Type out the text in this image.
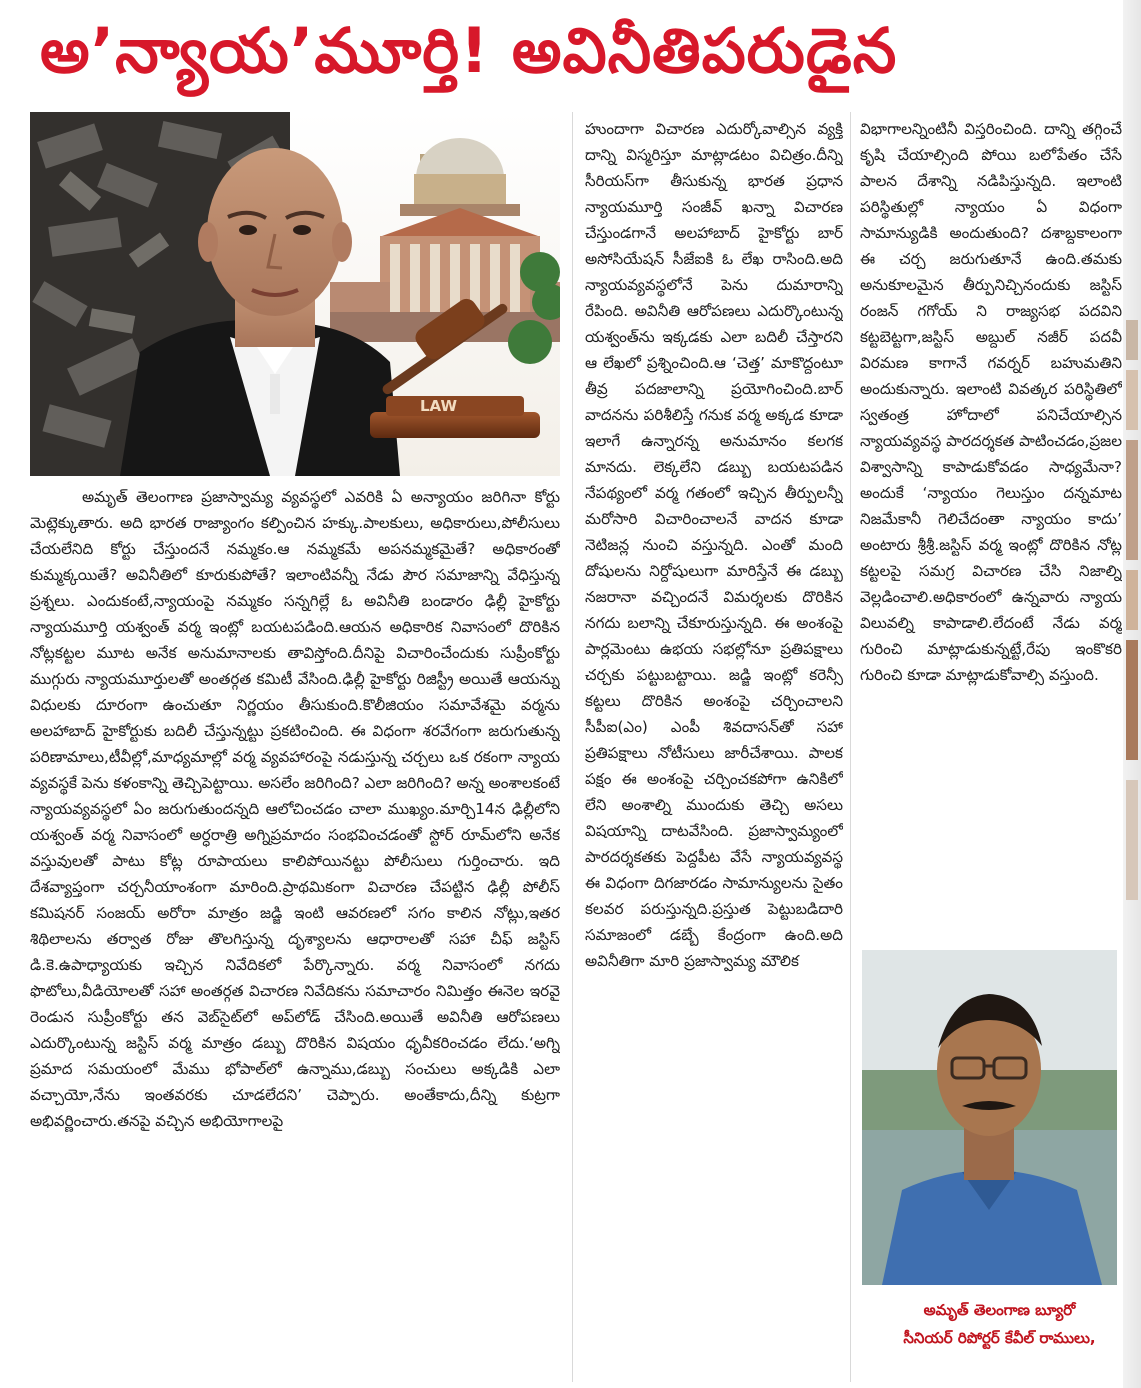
అ’న్యాయ’మూర్తి! అవినీతిపరుడైన
LAW
అమృత్ తెలంగాణ ప్రజాస్వామ్య వ్యవస్థలో ఎవరికి ఏ అన్యాయం జరిగినా కోర్టు మెట్లెక్కుతారు. అది భారత రాజ్యాంగం కల్పించిన హక్కు.పాలకులు, అధికారులు,పోలీసులు చేయలేనిది కోర్టు చేస్తుందనే నమ్మకం.ఆ నమ్మకమే అపనమ్మకమైతే? అధికారంతో కుమ్మక్కయితే? అవినీతిలో కూరుకుపోతే? ఇలాంటివన్నీ నేడు పౌర సమాజాన్ని వేధిస్తున్న ప్రశ్నలు. ఎందుకంటే,న్యాయంపై నమ్మకం సన్నగిల్లే ఓ అవినీతి బండారం ఢిల్లీ హైకోర్టు న్యాయమూర్తి యశ్వంత్ వర్మ ఇంట్లో బయటపడింది.ఆయన అధికారిక నివాసంలో దొరికిన నోట్లకట్టల మూట అనేక అనుమానాలకు తావిస్తోంది.దీనిపై విచారించేందుకు సుప్రీంకోర్టు ముగ్గురు న్యాయమూర్తులతో అంతర్గత కమిటీ వేసింది.ఢిల్లీ హైకోర్టు రిజిస్ట్రీ అయితే ఆయన్ను విధులకు దూరంగా ఉంచుతూ నిర్ణయం తీసుకుంది.కొలీజియం సమావేశమై వర్మను అలహాబాద్ హైకోర్టుకు బదిలీ చేస్తున్నట్టు ప్రకటించింది. ఈ విధంగా శరవేగంగా జరుగుతున్న పరిణామాలు,టీవీల్లో,మాధ్యమాల్లో వర్మ వ్యవహారంపై నడుస్తున్న చర్చలు ఒక రకంగా న్యాయ వ్యవస్థకే పెను కళంకాన్ని తెచ్చిపెట్టాయి. అసలేం జరిగింది? ఎలా జరిగింది? అన్న అంశాలకంటే న్యాయవ్యవస్థలో ఏం జరుగుతుందన్నది ఆలోచించడం చాలా ముఖ్యం.మార్చి14న ఢిల్లీలోని యశ్వంత్ వర్మ నివాసంలో అర్ధరాత్రి అగ్నిప్రమాదం సంభవించడంతో స్టోర్ రూమ్‌లోని అనేక వస్తువులతో పాటు కోట్ల రూపాయలు కాలిపోయినట్టు పోలీసులు గుర్తించారు. ఇది దేశవ్యాప్తంగా చర్చనీయాంశంగా మారింది.ప్రాథమికంగా విచారణ చేపట్టిన ఢిల్లీ పోలీస్ కమిషనర్ సంజయ్ అరోరా మాత్రం జడ్జి ఇంటి ఆవరణలో సగం కాలిన నోట్లు,ఇతర శిథిలాలను తర్వాత రోజు తొలగిస్తున్న దృశ్యాలను ఆధారాలతో సహా చీఫ్ జస్టిస్ డి.కె.ఉపాధ్యాయకు ఇచ్చిన నివేదికలో పేర్కొన్నారు. వర్మ నివాసంలో నగదు ఫొటోలు,వీడియోలతో సహా అంతర్గత విచారణ నివేదికను సమాచారం నిమిత్తం ఈనెల ఇరవై రెండున సుప్రీంకోర్టు తన వెబ్‌సైట్‌లో అప్‌లోడ్ చేసింది.అయితే అవినీతి ఆరోపణలు ఎదుర్కొంటున్న జస్టిస్ వర్మ మాత్రం డబ్బు దొరికిన విషయం ధృవీకరించడం లేదు.‘అగ్ని ప్రమాద సమయంలో మేము భోపాల్‌లో ఉన్నాము,డబ్బు సంచులు అక్కడికి ఎలా వచ్చాయో,నేను ఇంతవరకు చూడలేదని’ చెప్పారు. అంతేకాదు,దీన్ని కుట్రగా అభివర్ణించారు.తనపై వచ్చిన అభియోగాలపై
హుందాగా విచారణ ఎదుర్కోవాల్సిన వ్యక్తి దాన్ని విస్మరిస్తూ మాట్లాడటం విచిత్రం.దీన్ని సీరియస్‌గా తీసుకున్న భారత ప్రధాన న్యాయమూర్తి సంజీవ్ ఖన్నా విచారణ చేస్తుండగానే అలహాబాద్ హైకోర్టు బార్ అసోసియేషన్ సీజేఐకి ఓ లేఖ రాసింది.అది న్యాయవ్యవస్థలోనే పెను దుమారాన్ని రేపింది. అవినీతి ఆరోపణలు ఎదుర్కొంటున్న యశ్వంత్‌ను ఇక్కడకు ఎలా బదిలీ చేస్తారని ఆ లేఖలో ప్రశ్నించింది.ఆ ‘చెత్త’ మాకొద్దంటూ తీవ్ర పదజాలాన్ని ప్రయోగించింది.బార్ వాదనను పరిశీలిస్తే గనుక వర్మ అక్కడ కూడా ఇలాగే ఉన్నారన్న అనుమానం కలగక మానదు. లెక్కలేని డబ్బు బయటపడిన నేపథ్యంలో వర్మ గతంలో ఇచ్చిన తీర్పులన్నీ మరోసారి విచారించాలనే వాదన కూడా నెటిజన్ల నుంచి వస్తున్నది. ఎంతో మంది దోషులను నిర్దోషులుగా మారిస్తేనే ఈ డబ్బు నజరానా వచ్చిందనే విమర్శలకు దొరికిన నగదు బలాన్ని చేకూరుస్తున్నది. ఈ అంశంపై పార్లమెంటు ఉభయ సభల్లోనూ ప్రతిపక్షాలు చర్చకు పట్టుబట్టాయి. జడ్జి ఇంట్లో కరెన్సీ కట్టలు దొరికిన అంశంపై చర్చించాలని సీపీఐ(ఎం) ఎంపీ శివదాసన్‌తో సహా ప్రతిపక్షాలు నోటీసులు జారీచేశాయి. పాలక పక్షం ఈ అంశంపై చర్చించకపోగా ఉనికిలో లేని అంశాల్ని ముందుకు తెచ్చి అసలు విషయాన్ని దాటవేసింది. ప్రజాస్వామ్యంలో పారదర్శకతకు పెద్దపీట వేసే న్యాయవ్యవస్థ ఈ విధంగా దిగజారడం సామాన్యులను సైతం కలవర పరుస్తున్నది.ప్రస్తుత పెట్టుబడిదారి సమాజంలో డబ్బే కేంద్రంగా ఉంది.అది అవినీతిగా మారి ప్రజాస్వామ్య మౌలిక
విభాగాలన్నింటినీ విస్తరించింది. దాన్ని తగ్గించే కృషి చేయాల్సింది పోయి బలోపేతం చేసే పాలన దేశాన్ని నడిపిస్తున్నది. ఇలాంటి పరిస్థితుల్లో న్యాయం ఏ విధంగా సామాన్యుడికి అందుతుంది? దశాబ్దకాలంగా ఈ చర్చ జరుగుతూనే ఉంది.తమకు అనుకూలమైన తీర్పునిచ్చినందుకు జస్టిస్ రంజన్ గగోయ్ ని రాజ్యసభ పదవిని కట్టబెట్టగా,జస్టిస్ అబ్దుల్ నజీర్ పదవీ విరమణ కాగానే గవర్నర్ బహుమతిని అందుకున్నారు. ఇలాంటి వివత్కర పరిస్థితిలో స్వతంత్ర హోదాలో పనిచేయాల్సిన న్యాయవ్యవస్థ పారదర్శకత పాటించడం,ప్రజల విశ్వాసాన్ని కాపాడుకోవడం సాధ్యమేనా? అందుకే ‘న్యాయం గెలుస్తుం దన్నమాట నిజమేకానీ గెలిచేదంతా న్యాయం కాదు’ అంటారు శ్రీశ్రీ.జస్టిస్ వర్మ ఇంట్లో దొరికిన నోట్ల కట్టలపై సమగ్ర విచారణ చేసి నిజాల్ని వెల్లడించాలి.అధికారంలో ఉన్నవారు న్యాయ విలువల్ని కాపాడాలి.లేదంటే నేడు వర్మ గురించి మాట్లాడుకున్నట్టే,రేపు ఇంకొకరి గురించి కూడా మాట్లాడుకోవాల్సి వస్తుంది.
అమృత్ తెలంగాణ బ్యూరో
సీనియర్ రిపోర్టర్ కేవీల్ రాములు,
